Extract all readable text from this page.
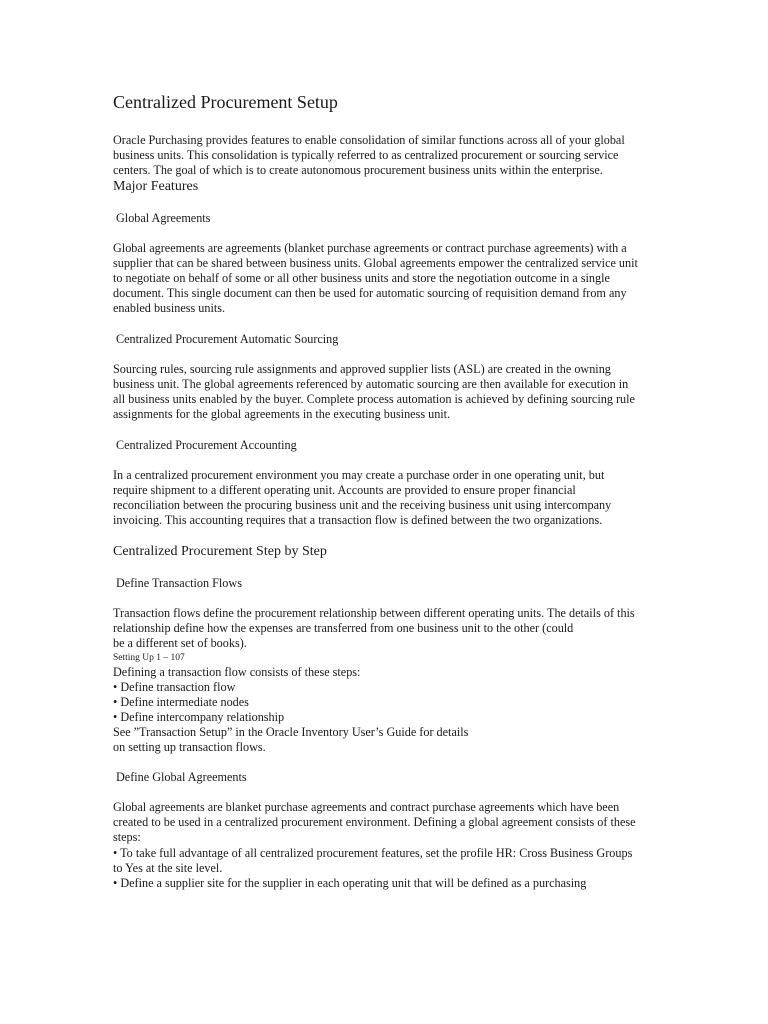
Centralized Procurement Setup
Oracle Purchasing provides features to enable consolidation of similar functions across all of your global
business units. This consolidation is typically referred to as centralized procurement or sourcing service
centers. The goal of which is to create autonomous procurement business units within the enterprise.
Major Features
Global Agreements
Global agreements are agreements (blanket purchase agreements or contract purchase agreements) with a
supplier that can be shared between business units. Global agreements empower the centralized service unit
to negotiate on behalf of some or all other business units and store the negotiation outcome in a single
document. This single document can then be used for automatic sourcing of requisition demand from any
enabled business units.
Centralized Procurement Automatic Sourcing
Sourcing rules, sourcing rule assignments and approved supplier lists (ASL) are created in the owning
business unit. The global agreements referenced by automatic sourcing are then available for execution in
all business units enabled by the buyer. Complete process automation is achieved by defining sourcing rule
assignments for the global agreements in the executing business unit.
Centralized Procurement Accounting
In a centralized procurement environment you may create a purchase order in one operating unit, but
require shipment to a different operating unit. Accounts are provided to ensure proper financial
reconciliation between the procuring business unit and the receiving business unit using intercompany
invoicing. This accounting requires that a transaction flow is defined between the two organizations.
Centralized Procurement Step by Step
Define Transaction Flows
Transaction flows define the procurement relationship between different operating units. The details of this
relationship define how the expenses are transferred from one business unit to the other (could
be a different set of books).
Setting Up 1 – 107
Defining a transaction flow consists of these steps:
• Define transaction flow
• Define intermediate nodes
• Define intercompany relationship
See ”Transaction Setup” in the Oracle Inventory User’s Guide for details
on setting up transaction flows.
Define Global Agreements
Global agreements are blanket purchase agreements and contract purchase agreements which have been
created to be used in a centralized procurement environment. Defining a global agreement consists of these
steps:
• To take full advantage of all centralized procurement features, set the profile HR: Cross Business Groups
to Yes at the site level.
• Define a supplier site for the supplier in each operating unit that will be defined as a purchasing
